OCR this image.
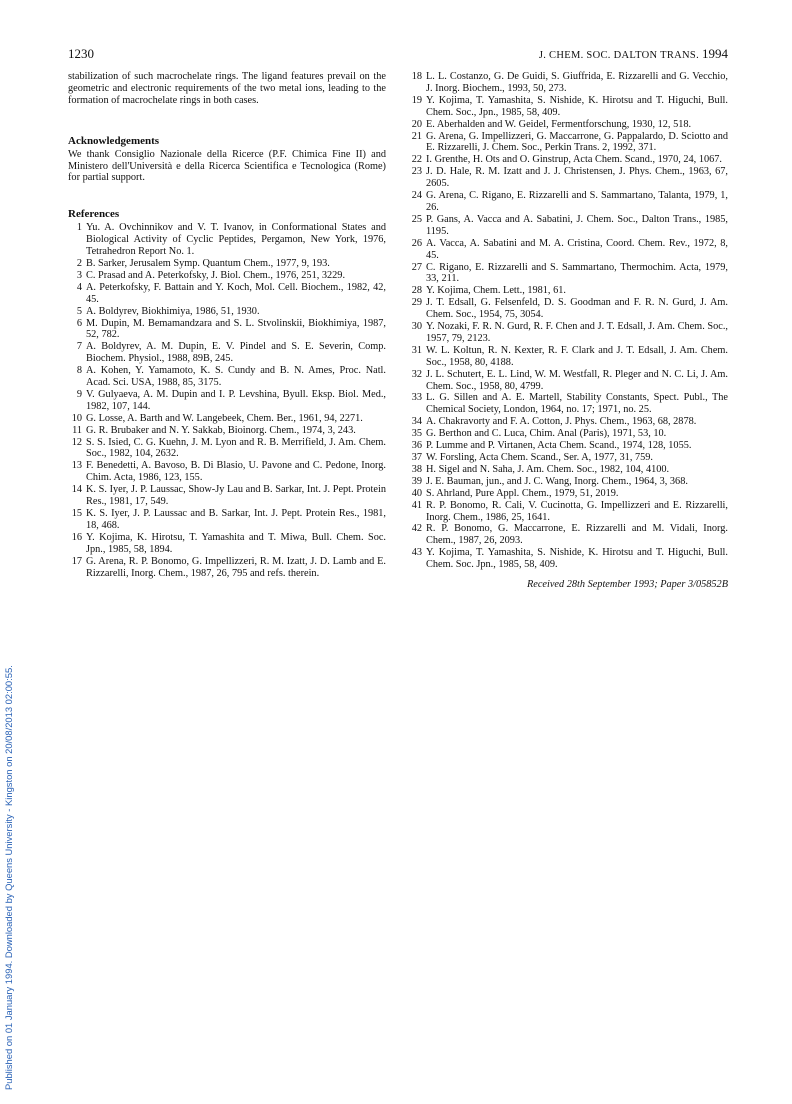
1230	J. CHEM. SOC. DALTON TRANS. 1994
Published on 01 January 1994. Downloaded by Queens University - Kingston on 20/08/2013 02:00:55.

stabilization of such macrochelate rings. The ligand features prevail on the geometric and electronic requirements of the two metal ions, leading to the formation of macrochelate rings in both cases.

Acknowledgements

We thank Consiglio Nazionale della Ricerce (P.F. Chimica Fine II) and Ministero dell'Università e della Ricerca Scientifica e Tecnologica (Rome) for partial support.

References

1 Yu. A. Ovchinnikov and V. T. Ivanov, in Conformational States and Biological Activity of Cyclic Peptides, Pergamon, New York, 1976, Tetrahedron Report No. 1.

2 B. Sarker, Jerusalem Symp. Quantum Chem., 1977, 9, 193.

3 C. Prasad and A. Peterkofsky, J. Biol. Chem., 1976, 251, 3229.

4 A. Peterkofsky, F. Battain and Y. Koch, Mol. Cell. Biochem., 1982, 42, 45.

5 A. Boldyrev, Biokhimiya, 1986, 51, 1930.

6 M. Dupin, M. Bemamandzara and S. L. Stvolinskii, Biokhimiya, 1987, 52, 782.

7 A. Boldyrev, A. M. Dupin, E. V. Pindel and S. E. Severin, Comp. Biochem. Physiol., 1988, 89B, 245.

8 A. Kohen, Y. Yamamoto, K. S. Cundy and B. N. Ames, Proc. Natl. Acad. Sci. USA, 1988, 85, 3175.

9 V. Gulyaeva, A. M. Dupin and I. P. Levshina, Byull. Eksp. Biol. Med., 1982, 107, 144.

10 G. Losse, A. Barth and W. Langebeek, Chem. Ber., 1961, 94, 2271.

11 G. R. Brubaker and N. Y. Sakkab, Bioinorg. Chem., 1974, 3, 243.

12 S. S. Isied, C. G. Kuehn, J. M. Lyon and R. B. Merrifield, J. Am. Chem. Soc., 1982, 104, 2632.

13 F. Benedetti, A. Bavoso, B. Di Blasio, U. Pavone and C. Pedone, Inorg. Chim. Acta, 1986, 123, 155.

14 K. S. Iyer, J. P. Laussac, Show-Jy Lau and B. Sarkar, Int. J. Pept. Protein Res., 1981, 17, 549.

15 K. S. Iyer, J. P. Laussac and B. Sarkar, Int. J. Pept. Protein Res., 1981, 18, 468.

16 Y. Kojima, K. Hirotsu, T. Yamashita and T. Miwa, Bull. Chem. Soc. Jpn., 1985, 58, 1894.

17 G. Arena, R. P. Bonomo, G. Impellizzeri, R. M. Izatt, J. D. Lamb and E. Rizzarelli, Inorg. Chem., 1987, 26, 795 and refs. therein.

18 L. L. Costanzo, G. De Guidi, S. Giuffrida, E. Rizzarelli and G. Vecchio, J. Inorg. Biochem., 1993, 50, 273.

19 Y. Kojima, T. Yamashita, S. Nishide, K. Hirotsu and T. Higuchi, Bull. Chem. Soc., Jpn., 1985, 58, 409.

20 E. Aberhalden and W. Geidel, Fermentforschung, 1930, 12, 518.

21 G. Arena, G. Impellizzeri, G. Maccarrone, G. Pappalardo, D. Sciotto and E. Rizzarelli, J. Chem. Soc., Perkin Trans. 2, 1992, 371.

22 I. Grenthe, H. Ots and O. Ginstrup, Acta Chem. Scand., 1970, 24, 1067.

23 J. D. Hale, R. M. Izatt and J. J. Christensen, J. Phys. Chem., 1963, 67, 2605.

24 G. Arena, C. Rigano, E. Rizzarelli and S. Sammartano, Talanta, 1979, 1, 26.

25 P. Gans, A. Vacca and A. Sabatini, J. Chem. Soc., Dalton Trans., 1985, 1195.

26 A. Vacca, A. Sabatini and M. A. Cristina, Coord. Chem. Rev., 1972, 8, 45.

27 C. Rigano, E. Rizzarelli and S. Sammartano, Thermochim. Acta, 1979, 33, 211.

28 Y. Kojima, Chem. Lett., 1981, 61.

29 J. T. Edsall, G. Felsenfeld, D. S. Goodman and F. R. N. Gurd, J. Am. Chem. Soc., 1954, 75, 3054.

30 Y. Nozaki, F. R. N. Gurd, R. F. Chen and J. T. Edsall, J. Am. Chem. Soc., 1957, 79, 2123.

31 W. L. Koltun, R. N. Kexter, R. F. Clark and J. T. Edsall, J. Am. Chem. Soc., 1958, 80, 4188.

32 J. L. Schutert, E. L. Lind, W. M. Westfall, R. Pleger and N. C. Li, J. Am. Chem. Soc., 1958, 80, 4799.

33 L. G. Sillen and A. E. Martell, Stability Constants, Spect. Publ., The Chemical Society, London, 1964, no. 17; 1971, no. 25.

34 A. Chakravorty and F. A. Cotton, J. Phys. Chem., 1963, 68, 2878.

35 G. Berthon and C. Luca, Chim. Anal (Paris), 1971, 53, 10.

36 P. Lumme and P. Virtanen, Acta Chem. Scand., 1974, 128, 1055.

37 W. Forsling, Acta Chem. Scand., Ser. A, 1977, 31, 759.

38 H. Sigel and N. Saha, J. Am. Chem. Soc., 1982, 104, 4100.

39 J. E. Bauman, jun., and J. C. Wang, Inorg. Chem., 1964, 3, 368.

40 S. Ahrland, Pure Appl. Chem., 1979, 51, 2019.

41 R. P. Bonomo, R. Cali, V. Cucinotta, G. Impellizzeri and E. Rizzarelli, Inorg. Chem., 1986, 25, 1641.

42 R. P. Bonomo, G. Maccarrone, E. Rizzarelli and M. Vidali, Inorg. Chem., 1987, 26, 2093.

43 Y. Kojima, T. Yamashita, S. Nishide, K. Hirotsu and T. Higuchi, Bull. Chem. Soc. Jpn., 1985, 58, 409.

Received 28th September 1993; Paper 3/05852B
